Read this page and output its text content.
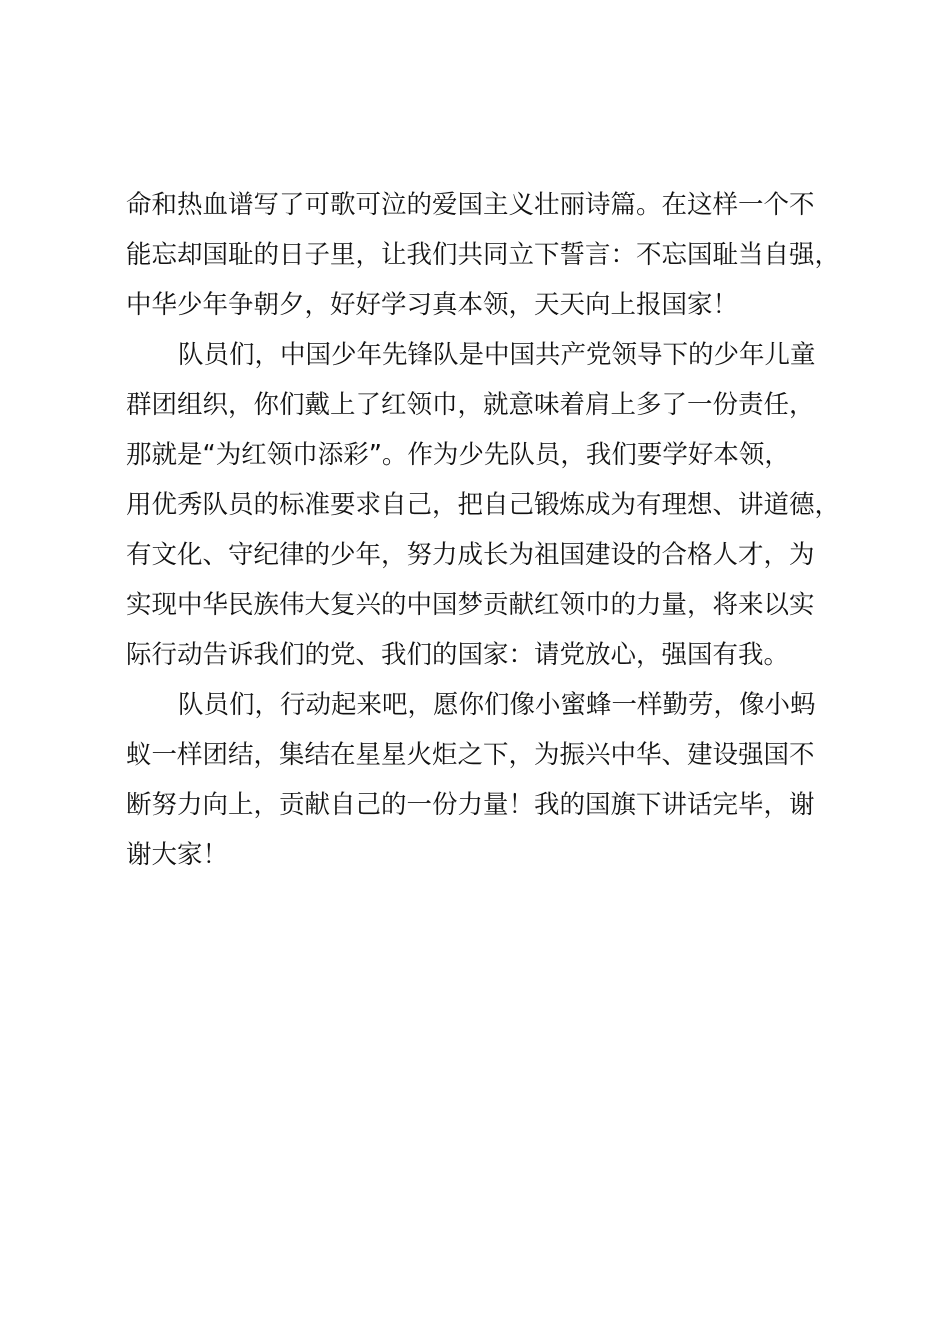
命和热血谱写了可歌可泣的爱国主义壮丽诗篇。在这样一个不
能忘却国耻的日子里，让我们共同立下誓言：不忘国耻当自强，
中华少年争朝夕，好好学习真本领，天天向上报国家！
队员们，中国少年先锋队是中国共产党领导下的少年儿童
群团组织，你们戴上了红领巾，就意味着肩上多了一份责任，
那就是“为红领巾添彩”。作为少先队员，我们要学好本领，
用优秀队员的标准要求自己，把自己锻炼成为有理想、讲道德，
有文化、守纪律的少年，努力成长为祖国建设的合格人才，为
实现中华民族伟大复兴的中国梦贡献红领巾的力量，将来以实
际行动告诉我们的党、我们的国家：请党放心，强国有我。
队员们，行动起来吧，愿你们像小蜜蜂一样勤劳，像小蚂
蚁一样团结，集结在星星火炬之下，为振兴中华、建设强国不
断努力向上，贡献自己的一份力量！我的国旗下讲话完毕，谢
谢大家！
